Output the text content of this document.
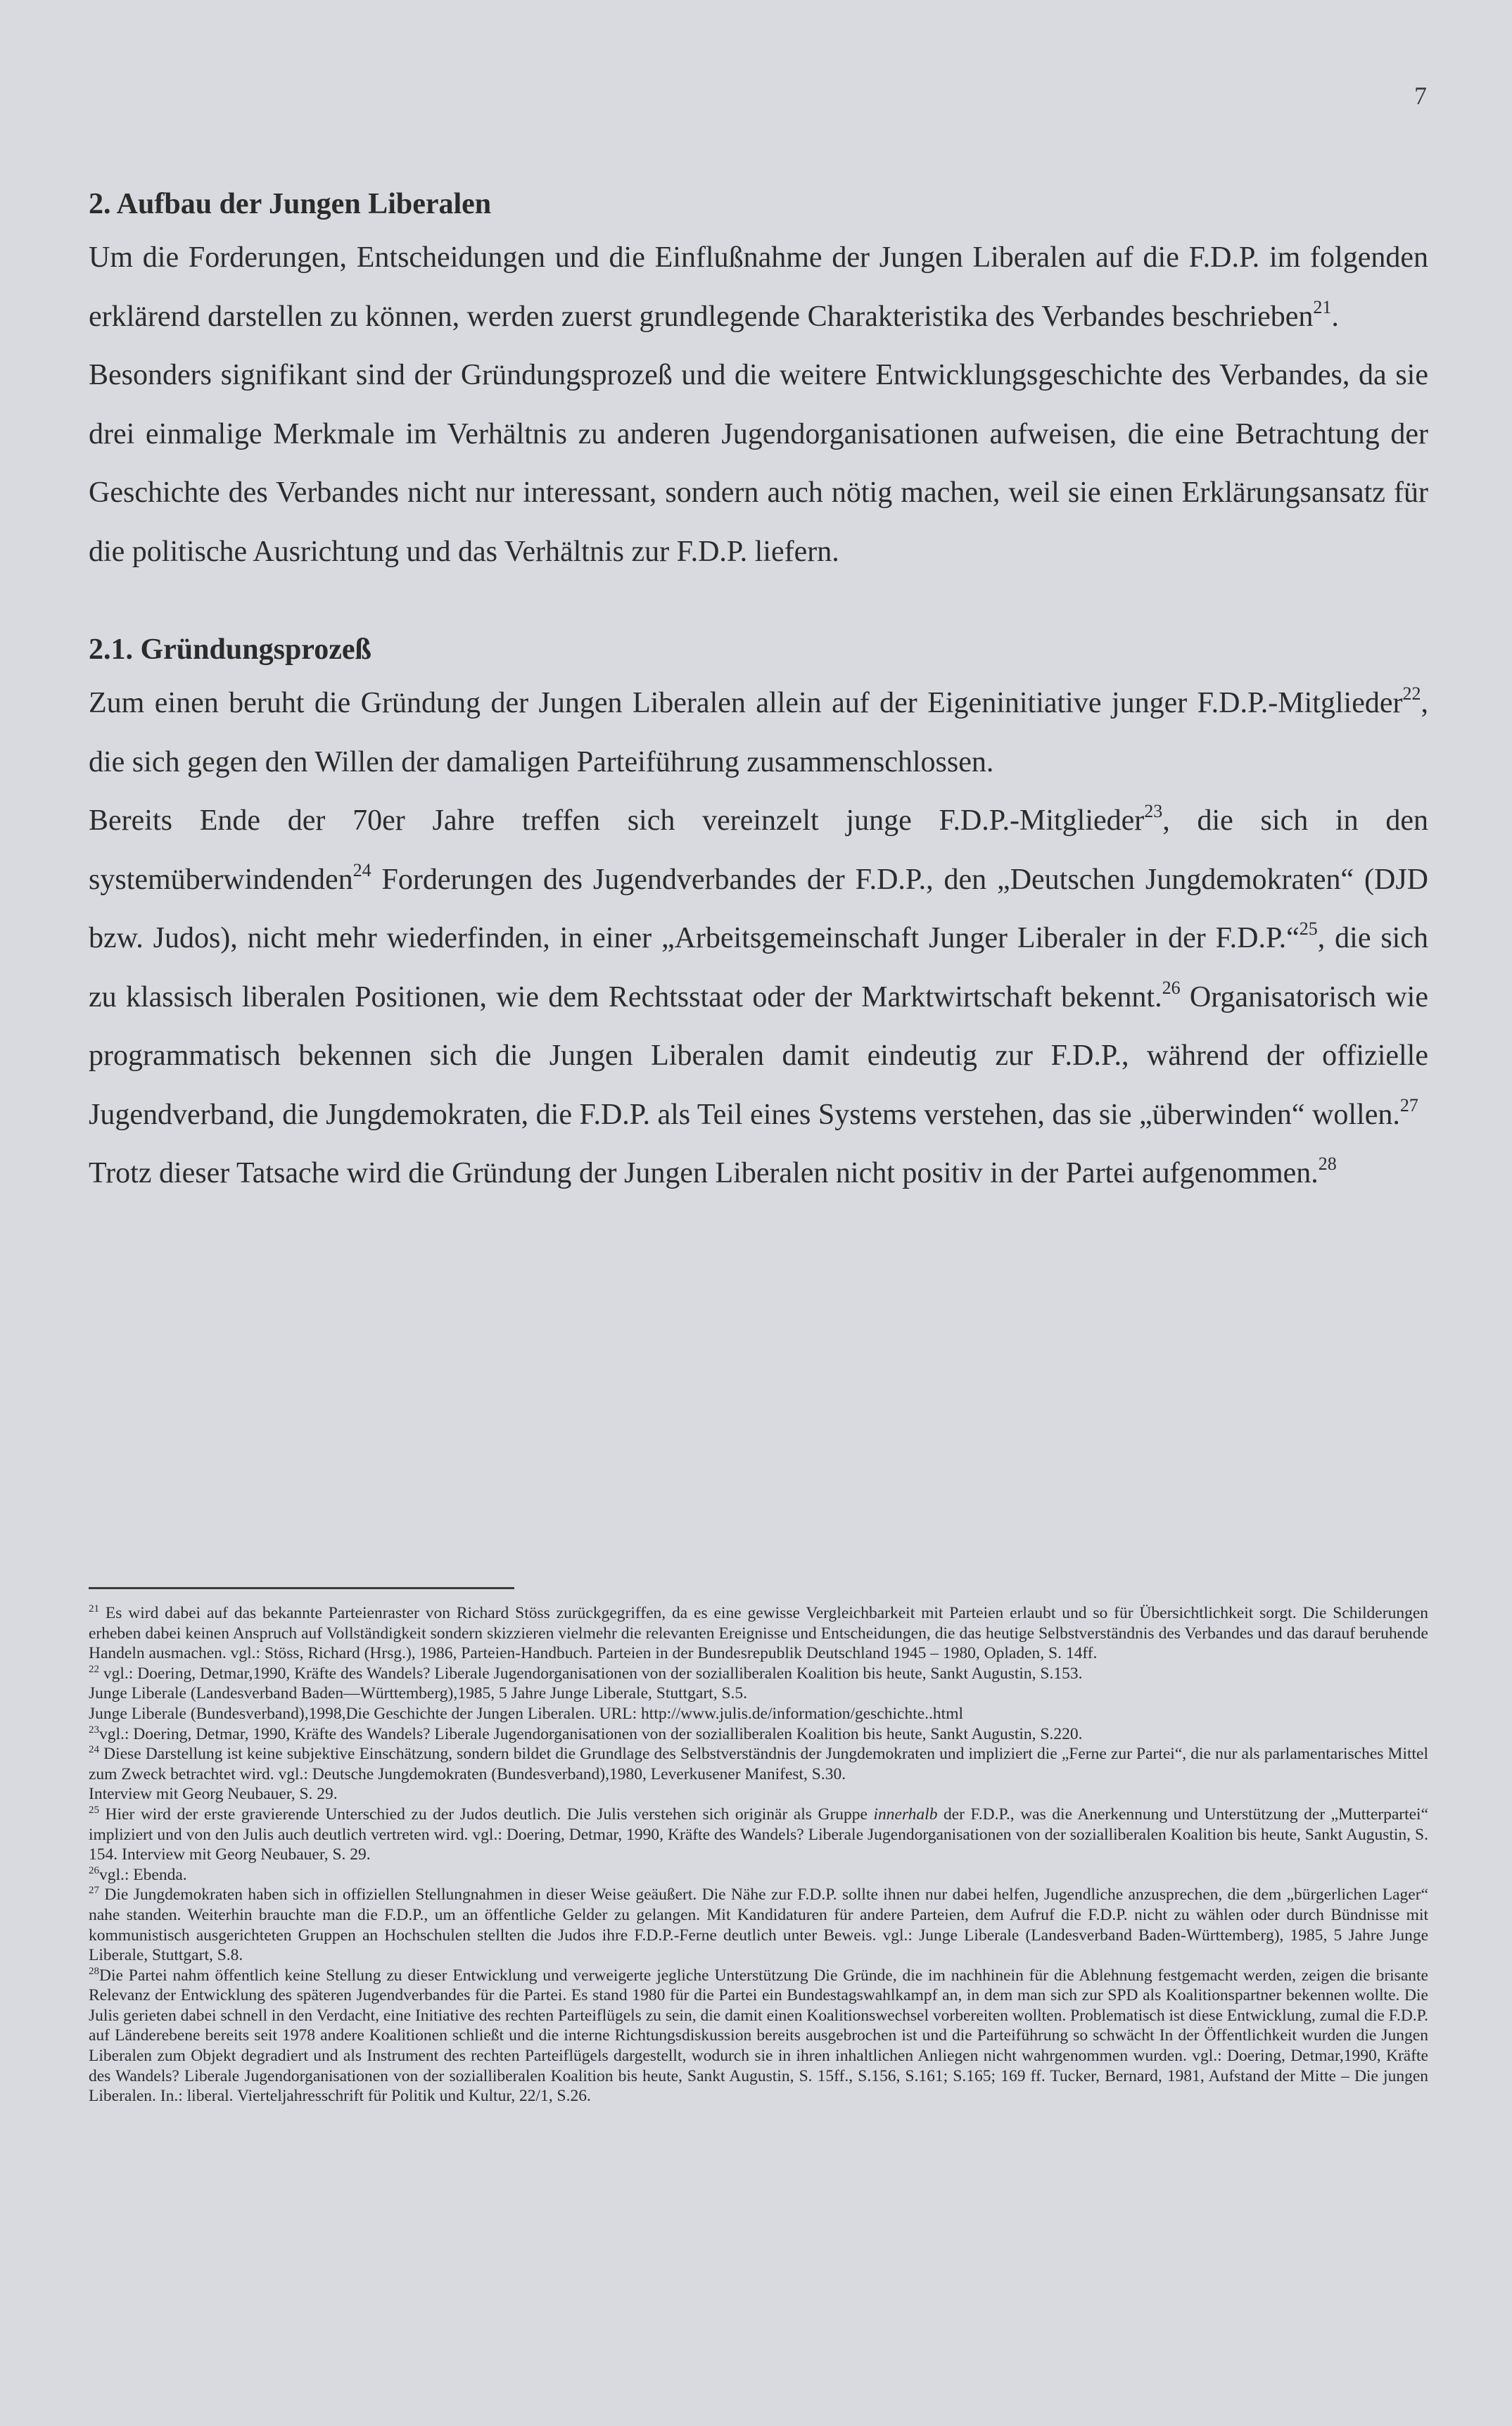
7
2. Aufbau der Jungen Liberalen

Um die Forderungen, Entscheidungen und die Einflußnahme der Jungen Liberalen auf die F.D.P. im folgenden erklärend darstellen zu können, werden zuerst grundlegende Charakteristika des Verbandes beschrieben$^{21}$.

Besonders signifikant sind der Gründungsprozeß und die weitere Entwicklungsgeschichte des Verbandes, da sie drei einmalige Merkmale im Verhältnis zu anderen Jugendorganisationen aufweisen, die eine Betrachtung der Geschichte des Verbandes nicht nur interessant, sondern auch nötig machen, weil sie einen Erklärungsansatz für die politische Ausrichtung und das Verhältnis zur F.D.P. liefern.

2.1. Gründungsprozeß

Zum einen beruht die Gründung der Jungen Liberalen allein auf der Eigeninitiative junger F.D.P.-Mitglieder$^{22}$, die sich gegen den Willen der damaligen Parteiführung zusammenschlossen.

Bereits Ende der 70er Jahre treffen sich vereinzelt junge F.D.P.-Mitglieder$^{23}$, die sich in den systemüberwindenden$^{24}$ Forderungen des Jugendverbandes der F.D.P., den „Deutschen Jungdemokraten“ (DJD bzw. Judos), nicht mehr wiederfinden, in einer „Arbeitsgemeinschaft Junger Liberaler in der F.D.P.“$^{25}$, die sich zu klassisch liberalen Positionen, wie dem Rechtsstaat oder der Marktwirtschaft bekennt.$^{26}$ Organisatorisch wie programmatisch bekennen sich die Jungen Liberalen damit eindeutig zur F.D.P., während der offizielle Jugendverband, die Jungdemokraten, die F.D.P. als Teil eines Systems verstehen, das sie „überwinden“ wollen.$^{27}$

Trotz dieser Tatsache wird die Gründung der Jungen Liberalen nicht positiv in der Partei aufgenommen.$^{28}$

$^{21}$ Es wird dabei auf das bekannte Parteienraster von Richard Stöss zurückgegriffen, da es eine gewisse Vergleichbarkeit mit Parteien erlaubt und so für Übersichtlichkeit sorgt. Die Schilderungen erheben dabei keinen Anspruch auf Vollständigkeit sondern skizzieren vielmehr die relevanten Ereignisse und Entscheidungen, die das heutige Selbstverständnis des Verbandes und das darauf beruhende Handeln ausmachen. vgl.: Stöss, Richard (Hrsg.), 1986, Parteien-Handbuch. Parteien in der Bundesrepublik Deutschland 1945 – 1980, Opladen, S. 14ff.

$^{22}$ vgl.: Doering, Detmar,1990, Kräfte des Wandels? Liberale Jugendorganisationen von der sozialliberalen Koalition bis heute, Sankt Augustin, S.153.
Junge Liberale (Landesverband Baden—Württemberg),1985, 5 Jahre Junge Liberale, Stuttgart, S.5.
Junge Liberale (Bundesverband),1998,Die Geschichte der Jungen Liberalen. URL: http://www.julis.de/information/geschichte..html

$^{23}$vgl.: Doering, Detmar, 1990, Kräfte des Wandels? Liberale Jugendorganisationen von der sozialliberalen Koalition bis heute, Sankt Augustin, S.220.

$^{24}$ Diese Darstellung ist keine subjektive Einschätzung, sondern bildet die Grundlage des Selbstverständnis der Jungdemokraten und impliziert die „Ferne zur Partei“, die nur als parlamentarisches Mittel zum Zweck betrachtet wird. vgl.: Deutsche Jungdemokraten (Bundesverband),1980, Leverkusener Manifest, S.30.
Interview mit Georg Neubauer, S. 29.

$^{25}$ Hier wird der erste gravierende Unterschied zu der Judos deutlich. Die Julis verstehen sich originär als Gruppe innerhalb der F.D.P., was die Anerkennung und Unterstützung der „Mutterpartei“ impliziert und von den Julis auch deutlich vertreten wird. vgl.: Doering, Detmar, 1990, Kräfte des Wandels? Liberale Jugendorganisationen von der sozialliberalen Koalition bis heute, Sankt Augustin, S. 154. Interview mit Georg Neubauer, S. 29.

$^{26}$vgl.: Ebenda.

$^{27}$ Die Jungdemokraten haben sich in offiziellen Stellungnahmen in dieser Weise geäußert. Die Nähe zur F.D.P. sollte ihnen nur dabei helfen, Jugendliche anzusprechen, die dem „bürgerlichen Lager“ nahe standen. Weiterhin brauchte man die F.D.P., um an öffentliche Gelder zu gelangen. Mit Kandidaturen für andere Parteien, dem Aufruf die F.D.P. nicht zu wählen oder durch Bündnisse mit kommunistisch ausgerichteten Gruppen an Hochschulen stellten die Judos ihre F.D.P.-Ferne deutlich unter Beweis. vgl.: Junge Liberale (Landesverband Baden-Württemberg), 1985, 5 Jahre Junge Liberale, Stuttgart, S.8.

$^{28}$Die Partei nahm öffentlich keine Stellung zu dieser Entwicklung und verweigerte jegliche Unterstützung Die Gründe, die im nachhinein für die Ablehnung festgemacht werden, zeigen die brisante Relevanz der Entwicklung des späteren Jugendverbandes für die Partei. Es stand 1980 für die Partei ein Bundestagswahlkampf an, in dem man sich zur SPD als Koalitionspartner bekennen wollte. Die Julis gerieten dabei schnell in den Verdacht, eine Initiative des rechten Parteiflügels zu sein, die damit einen Koalitionswechsel vorbereiten wollten. Problematisch ist diese Entwicklung, zumal die F.D.P. auf Länderebene bereits seit 1978 andere Koalitionen schließt und die interne Richtungsdiskussion bereits ausgebrochen ist und die Parteiführung so schwächt In der Öffentlichkeit wurden die Jungen Liberalen zum Objekt degradiert und als Instrument des rechten Parteiflügels dargestellt, wodurch sie in ihren inhaltlichen Anliegen nicht wahrgenommen wurden. vgl.: Doering, Detmar,1990, Kräfte des Wandels? Liberale Jugendorganisationen von der sozialliberalen Koalition bis heute, Sankt Augustin, S. 15ff., S.156, S.161; S.165; 169 ff. Tucker, Bernard, 1981, Aufstand der Mitte – Die jungen Liberalen. In.: liberal. Vierteljahresschrift für Politik und Kultur, 22/1, S.26.
